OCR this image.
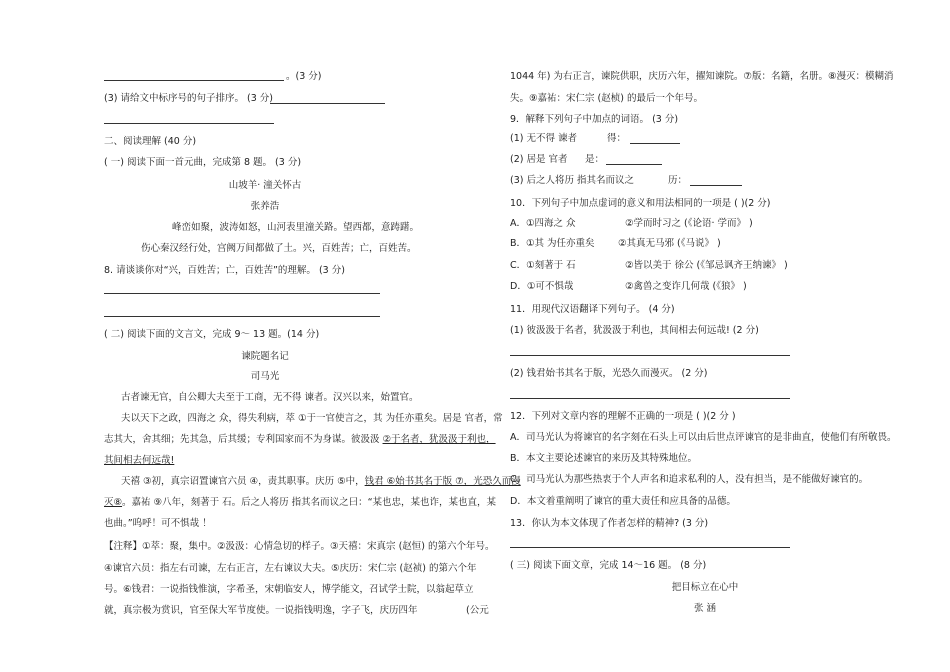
。(3 分)
(3) 请给文中标序号的句子排序。 (3 分)
二、阅读理解 (40 分)
( 一) 阅读下面一首元曲，完成第 8 题。 (3 分)
山坡羊· 潼关怀古
张养浩
峰峦如聚，波涛如怒，山河表里潼关路。望西都，意踌躇。
伤心秦汉经行处，宫阙万间都做了土。兴，百姓苦；亡，百姓苦。
8. 请谈谈你对“兴，百姓苦；亡，百姓苦”的理解。 (3 分)
( 二) 阅读下面的文言文，完成 9～ 13 题。(14 分)
谏院题名记
司马光
古者谏无官，自公卿大夫至于工商，无不得 谏者。汉兴以来，始置官。
夫以天下之政，四海之 众，得失利病，萃 ①于一官使言之，其 为任亦重矣。居是 官者，常
志其大，舍其细；先其急，后其缓；专利国家而不为身谋。彼汲汲 ②于名者，犹汲汲于利也，
其间相去何远哉!
天禧 ③初，真宗诏置谏官六员 ④，责其职事。庆历 ⑤中，钱君 ⑥始书其名于版 ⑦，光恐久而漫
灭⑧。嘉祐 ⑨八年，刻著于 石。后之人将历 指其名而议之曰：“某也忠，某也诈，某也直，某
也曲。”呜呼！可不惧哉 ！
【注释】①萃：聚，集中。②汲汲：心情急切的样子。③天禧：宋真宗 (赵恒) 的第六个年号。
④谏官六员：指左右司谏，左右正言，左右谏议大夫。⑤庆历：宋仁宗 (赵祯) 的第六个年
号。⑥钱君：一说指钱惟演，字希圣，宋朝临安人，博学能文，召试学士院，以翁起草立
就，真宗极为赏识，官至保大军节度使。一说指钱明逸，字子飞，庆历四年	(公元
1044 年) 为右正言，谏院供职，庆历六年，擢知谏院。⑦版：名籍，名册。⑧漫灭：模糊消
失。⑨嘉祐：宋仁宗 (赵桢) 的最后一个年号。
9．解释下列句子中加点的词语。 (3 分)
(1) 无不得 谏者	得：
(2) 居是 官者 是：
(3) 后之人将历 指其名而议之	历：
10．下列句子中加点虚词的意义和用法相同的一项是 ( )(2 分)
A．①四海之 众	②学而时习之 (《论语· 学而》 )
B．①其 为任亦重矣 ②其真无马邪 (《马说》 )
C．①刻著于 石	②皆以美于 徐公 (《邹忌讽齐王纳谏》 )
D．①可不惧哉	②禽兽之变诈几何哉 (《狼》 )
11．用现代汉语翻译下列句子。 (4 分)
(1) 彼汲汲于名者，犹汲汲于利也，其间相去何远哉! (2 分)
(2) 钱君始书其名于版，光恐久而漫灭。 (2 分)
12．下列对文章内容的理解不正确的一项是 ( )(2 分 )
A．司马光认为将谏官的名字刻在石头上可以由后世点评谏官的是非曲直，使他们有所敬畏。
B．本文主要论述谏官的来历及其特殊地位。
C．司马光认为那些热衷于个人声名和追求私利的人，没有担当，是不能做好谏官的。
D．本文着重阐明了谏官的重大责任和应具备的品德。
13．你认为本文体现了作者怎样的精神? (3 分)
( 三) 阅读下面文章，完成 14～16 题。 (8 分)
把目标立在心中
张 涵
